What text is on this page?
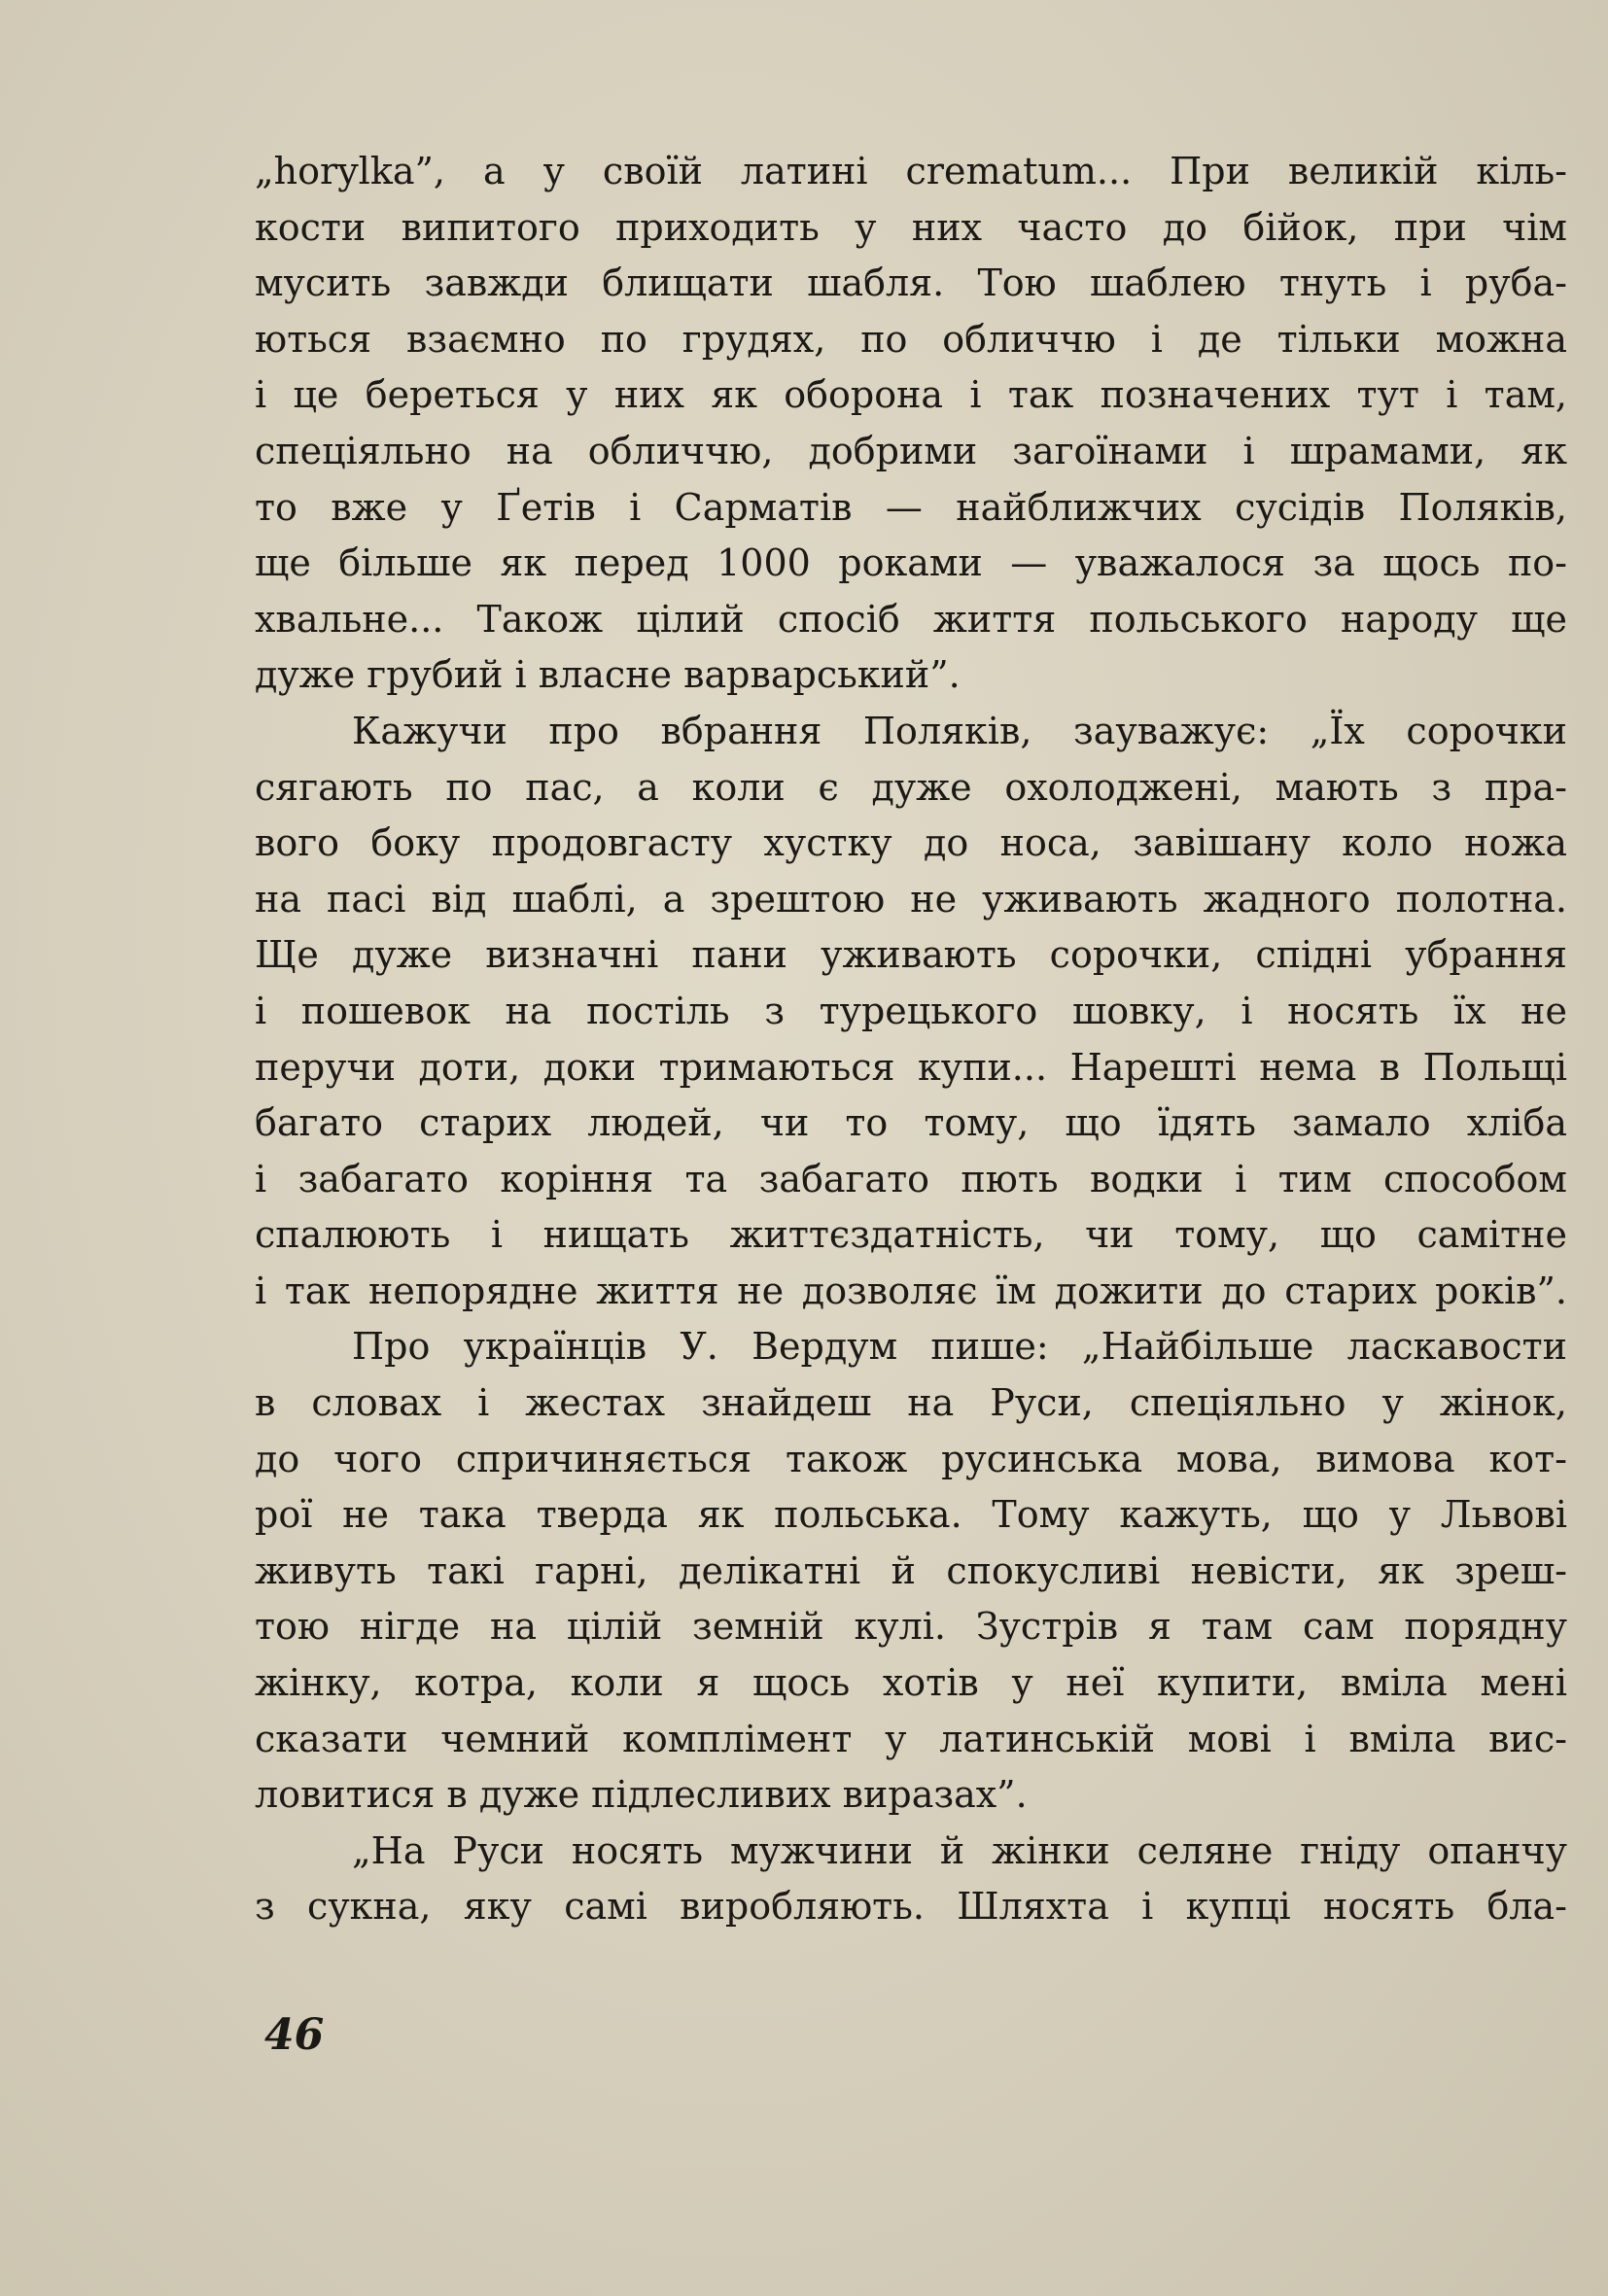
„horylka”, а у своїй латині crematum... При великій кіль-
кости випитого приходить у них часто до бійок, при чім
мусить завжди блищати шабля. Тою шаблею тнуть і руба-
ються взаємно по грудях, по обличчю і де тільки можна
і це береться у них як оборона і так позначених тут і там,
спеціяльно на обличчю, добрими загоїнами і шрамами, як
то вже у Ґетів і Сарматів — найближчих сусідів Поляків,
ще більше як перед 1000 роками — уважалося за щось по-
хвальне... Також цілий спосіб життя польського народу ще
дуже грубий і власне варварський”.
Кажучи про вбрання Поляків, зауважує: „Їх сорочки
сягають по пас, а коли є дуже охолоджені, мають з пра-
вого боку продовгасту хустку до носа, завішану коло ножа
на пасі від шаблі, а зрештою не уживають жадного полотна.
Ще дуже визначні пани уживають сорочки, спідні убрання
і пошевок на постіль з турецького шовку, і носять їх не
перучи доти, доки тримаються купи... Нарешті нема в Польщі
багато старих людей, чи то тому, що їдять замало хліба
і забагато коріння та забагато пють водки і тим способом
спалюють і нищать життєздатність, чи тому, що самітне
і так непорядне життя не дозволяє їм дожити до старих років”.
Про українців У. Вердум пише: „Найбільше ласкавости
в словах і жестах знайдеш на Руси, спеціяльно у жінок,
до чого спричиняється також русинська мова, вимова кот-
рої не така тверда як польська. Тому кажуть, що у Львові
живуть такі гарні, делікатні й спокусливі невісти, як зреш-
тою нігде на цілій земній кулі. Зустрів я там сам порядну
жінку, котра, коли я щось хотів у неї купити, вміла мені
сказати чемний комплімент у латинській мові і вміла вис-
ловитися в дуже підлесливих виразах”.
„На Руси носять мужчини й жінки селяне гніду опанчу
з сукна, яку самі виробляють. Шляхта і купці носять бла-
46
